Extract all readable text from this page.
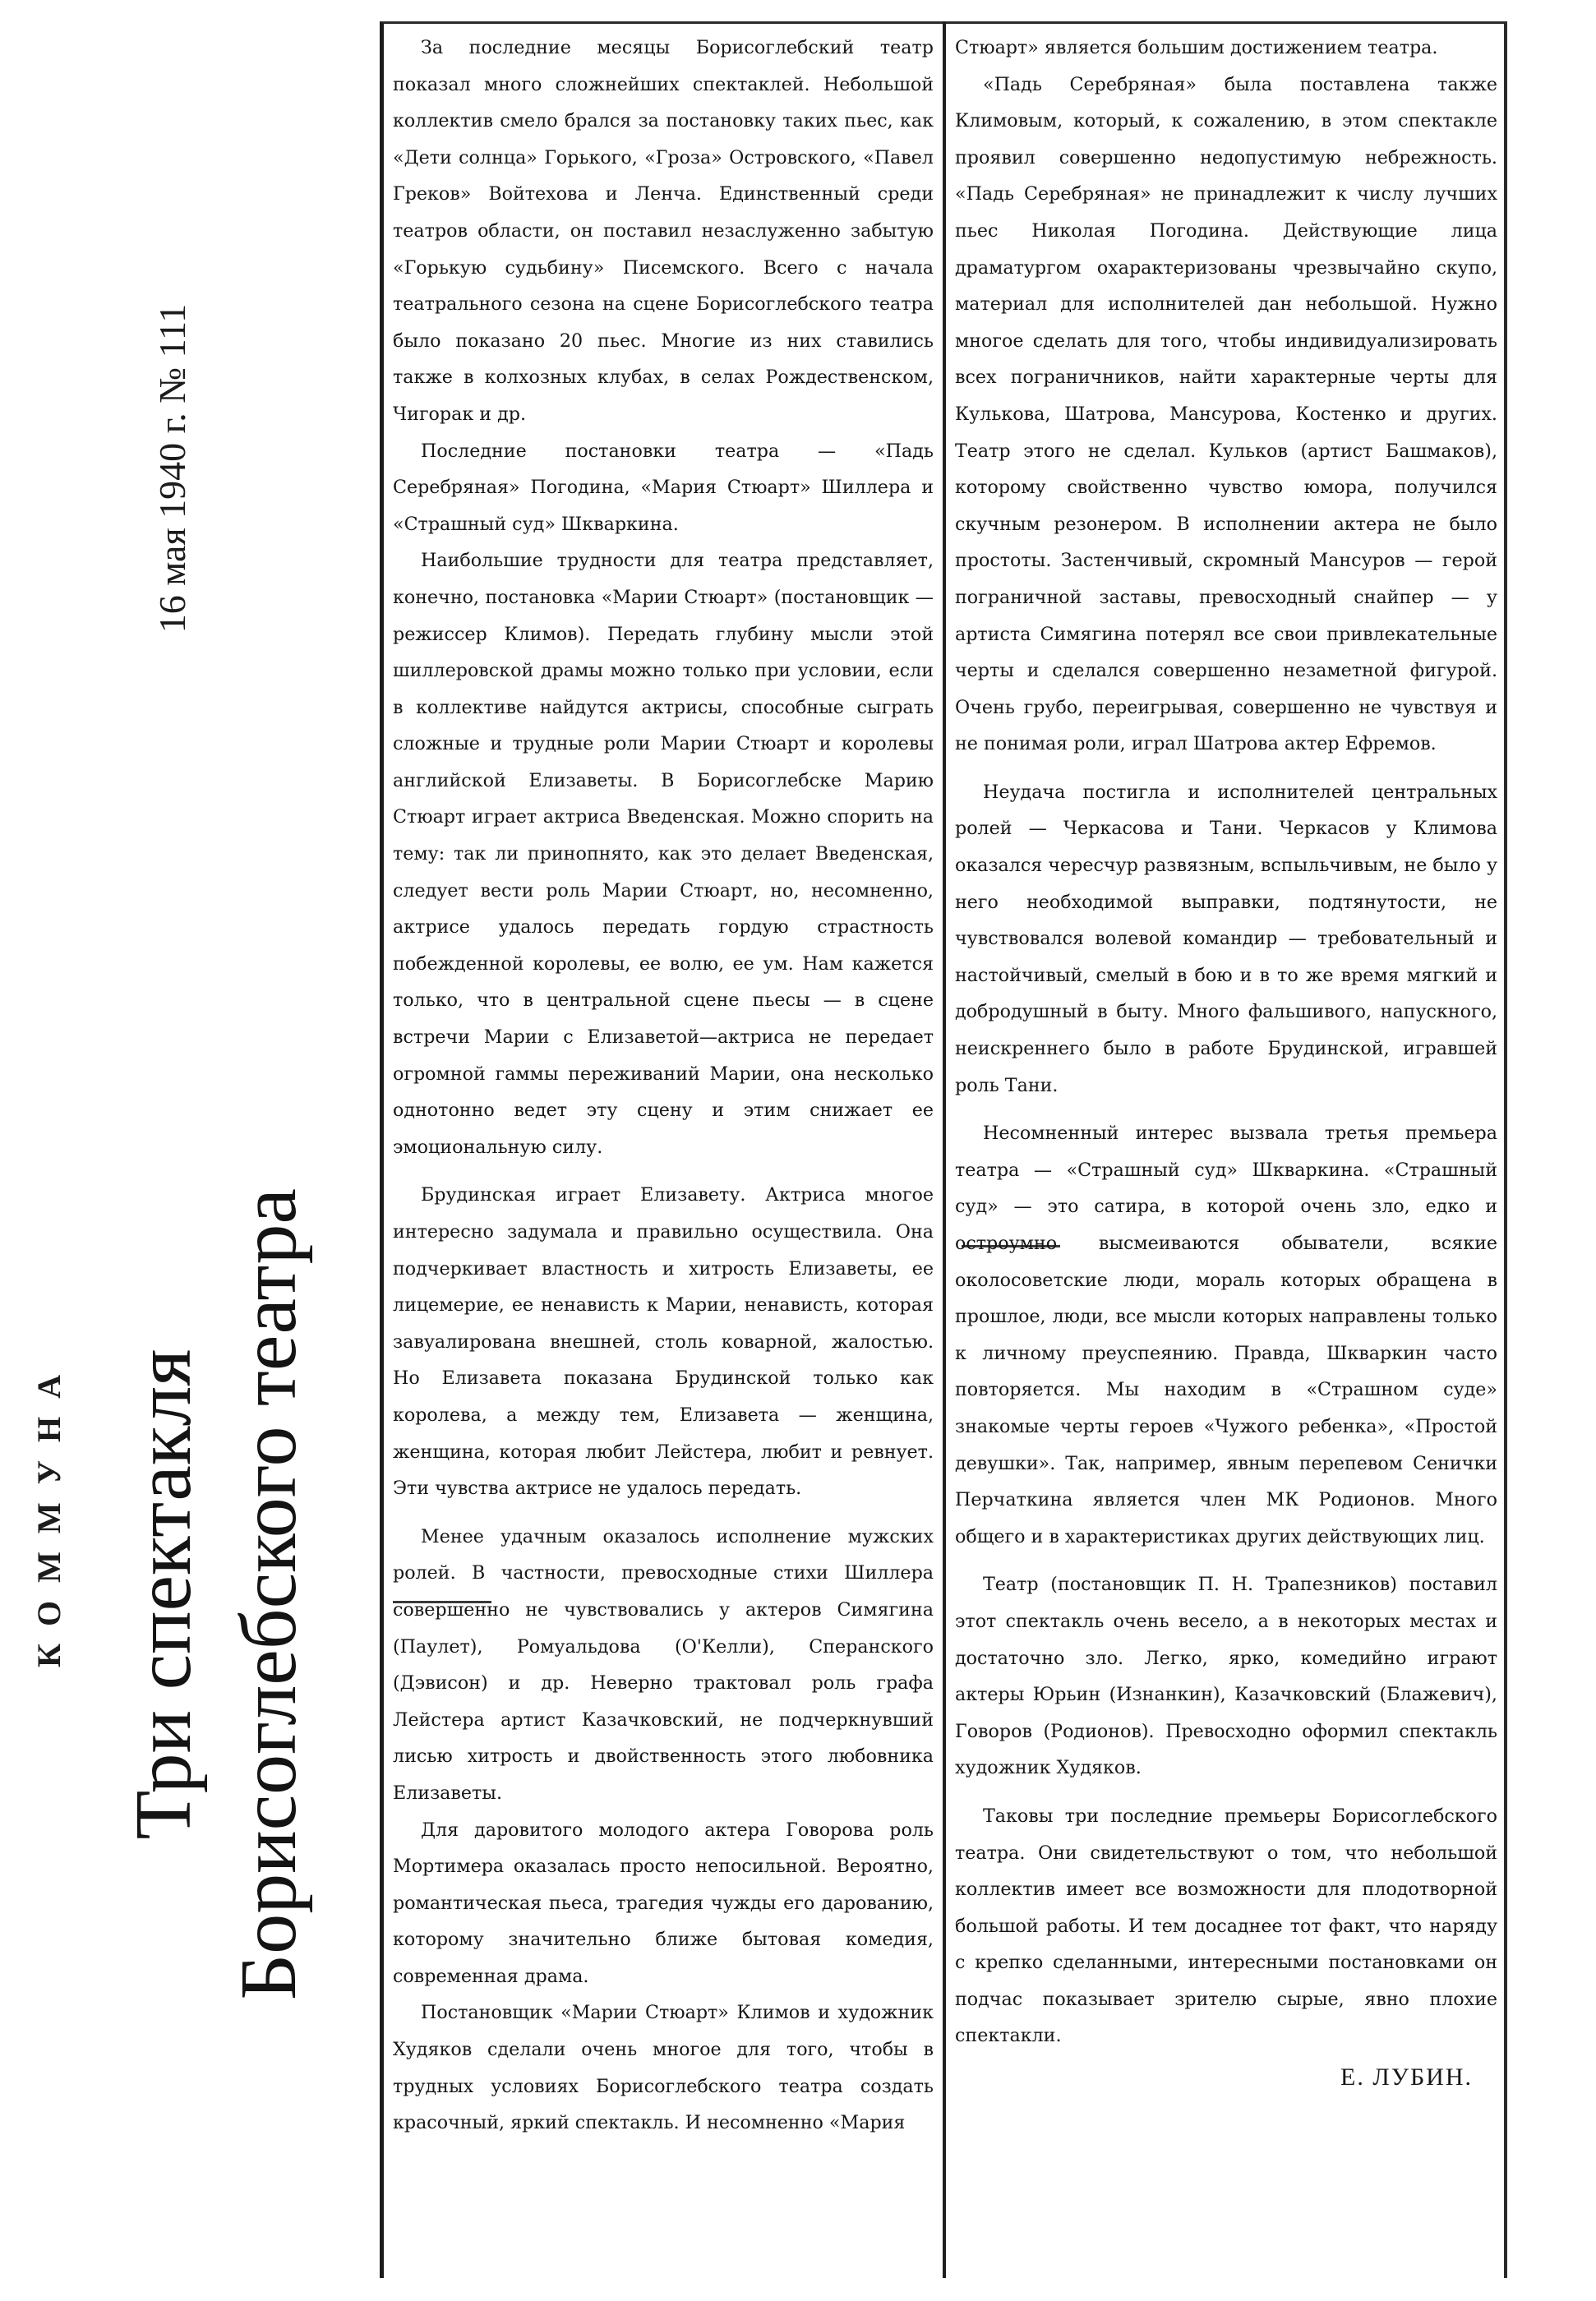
16 мая 1940 г. № 111
КОММУНА Три спектакля Борисоглебского театра

За последние месяцы Борисоглебский театр показал много сложнейших спектаклей. Небольшой коллектив смело брался за постановку таких пьес, как «Дети солнца» Горького, «Гроза» Островского, «Павел Греков» Войтехова и Ленча. Единственный среди театров области, он поставил незаслуженно забытую «Горькую судьбину» Писемского. Всего с начала театрального сезона на сцене Борисоглебского театра было показано 20 пьес. Многие из них ставились также в колхозных клубах, в селах Рождественском, Чигорак и др.

Последние постановки театра — «Падь Серебряная» Погодина, «Мария Стюарт» Шиллера и «Страшный суд» Шкваркина.

Наибольшие трудности для театра представляет, конечно, постановка «Марии Стюарт» (постановщик — режиссер Климов). Передать глубину мысли этой шиллеровской драмы можно только при условии, если в коллективе найдутся актрисы, способные сыграть сложные и трудные роли Марии Стюарт и королевы английской Елизаветы. В Борисоглебске Марию Стюарт играет актриса Введенская. Можно спорить на тему: так ли принопнято, как это делает Введенская, следует вести роль Марии Стюарт, но, несомненно, актрисе удалось передать гордую страстность побежденной королевы, ее волю, ее ум. Нам кажется только, что в центральной сцене пьесы — в сцене встречи Марии с Елизаветой—актриса не передает огромной гаммы переживаний Марии, она несколько однотонно ведет эту сцену и этим снижает ее эмоциональную силу.

Брудинская играет Елизавету. Актриса многое интересно задумала и правильно осуществила. Она подчеркивает властность и хитрость Елизаветы, ее лицемерие, ее ненависть к Марии, ненависть, которая завуалирована внешней, столь коварной, жалостью. Но Елизавета показана Брудинской только как королева, а между тем, Елизавета — женщина, женщина, которая любит Лейстера, любит и ревнует. Эти чувства актрисе не удалось передать.

Менее удачным оказалось исполнение мужских ролей. В частности, превосходные стихи Шиллера совершенно не чувствовались у актеров Симягина (Паулет), Ромуальдова (О'Келли), Сперанского (Дэвисон) и др. Неверно трактовал роль графа Лейстера артист Казачковский, не подчеркнувший лисью хитрость и двойственность этого любовника Елизаветы.

Для даровитого молодого актера Говорова роль Мортимера оказалась просто непосильной. Вероятно, романтическая пьеса, трагедия чужды его дарованию, которому значительно ближе бытовая комедия, современная драма.

Постановщик «Марии Стюарт» Климов и художник Худяков сделали очень многое для того, чтобы в трудных условиях Борисоглебского театра создать красочный, яркий спектакль. И несомненно «Мария

Стюарт» является большим достижением театра.

«Падь Серебряная» была поставлена также Климовым, который, к сожалению, в этом спектакле проявил совершенно недопустимую небрежность. «Падь Серебряная» не принадлежит к числу лучших пьес Николая Погодина. Действующие лица драматургом охарактеризованы чрезвычайно скупо, материал для исполнителей дан небольшой. Нужно многое сделать для того, чтобы индивидуализировать всех пограничников, найти характерные черты для Кулькова, Шатрова, Мансурова, Костенко и других. Театр этого не сделал. Кульков (артист Башмаков), которому свойственно чувство юмора, получился скучным резонером. В исполнении актера не было простоты. Застенчивый, скромный Мансуров — герой пограничной заставы, превосходный снайпер — у артиста Симягина потерял все свои привлекательные черты и сделался совершенно незаметной фигурой. Очень грубо, переигрывая, совершенно не чувствуя и не понимая роли, играл Шатрова актер Ефремов.

Неудача постигла и исполнителей центральных ролей — Черкасова и Тани. Черкасов у Климова оказался чересчур развязным, вспыльчивым, не было у него необходимой выправки, подтянутости, не чувствовался волевой командир — требовательный и настойчивый, смелый в бою и в то же время мягкий и добродушный в быту. Много фальшивого, напускного, неискреннего было в работе Брудинской, игравшей роль Тани.

Несомненный интерес вызвала третья премьера театра — «Страшный суд» Шкваркина. «Страшный суд» — это сатира, в которой очень зло, едко и остроумно высмеиваются обыватели, всякие околосоветские люди, мораль которых обращена в прошлое, люди, все мысли которых направлены только к личному преуспеянию. Правда, Шкваркин часто повторяется. Мы находим в «Страшном суде» знакомые черты героев «Чужого ребенка», «Простой девушки». Так, например, явным перепевом Сенички Перчаткина является член МК Родионов. Много общего и в характеристиках других действующих лиц.

Театр (постановщик П. Н. Трапезников) поставил этот спектакль очень весело, а в некоторых местах и достаточно зло. Легко, ярко, комедийно играют актеры Юрьин (Изнанкин), Казачковский (Блажевич), Говоров (Родионов). Превосходно оформил спектакль художник Худяков.

Таковы три последние премьеры Борисоглебского театра. Они свидетельствуют о том, что небольшой коллектив имеет все возможности для плодотворной большой работы. И тем досаднее тот факт, что наряду с крепко сделанными, интересными постановками он подчас показывает зрителю сырые, явно плохие спектакли.

Е. ЛУБИН.
